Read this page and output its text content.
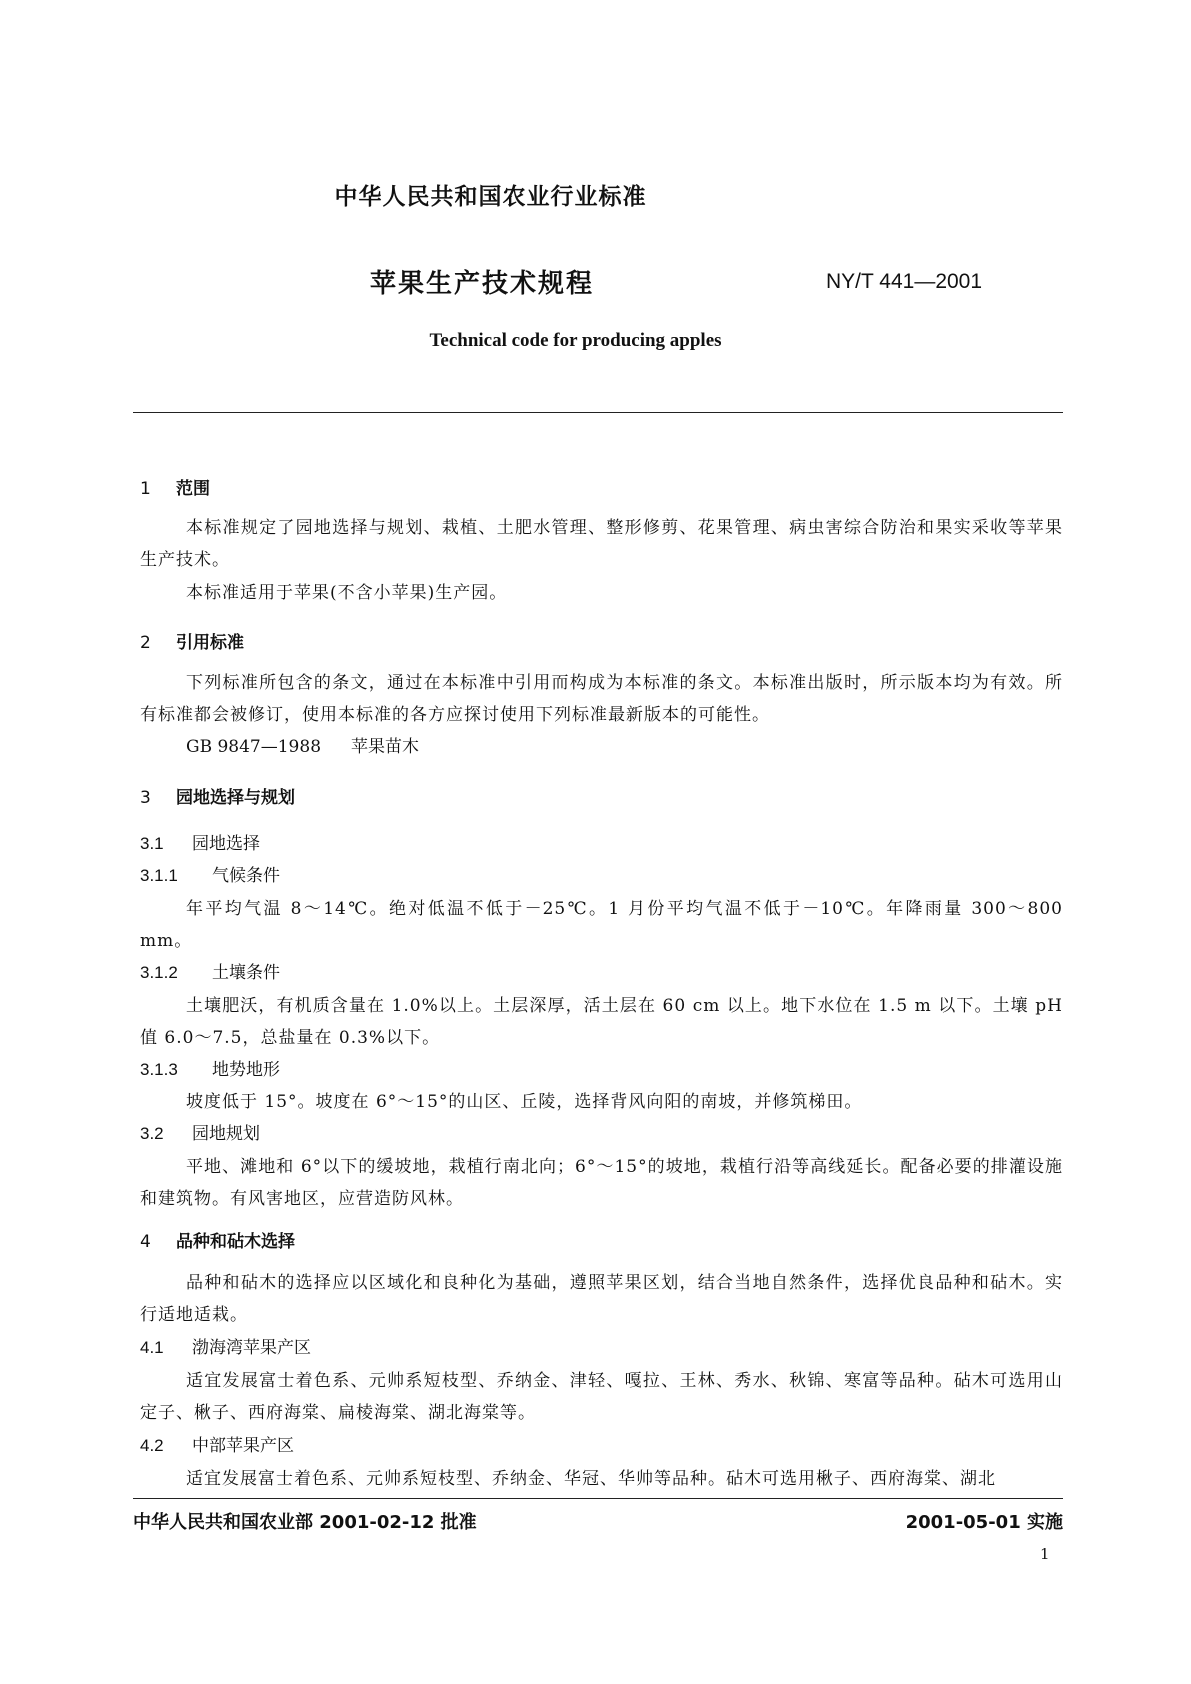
中华人民共和国农业行业标准
苹果生产技术规程	NY/T 441—2001
Technical code for producing apples
1 范围
本标准规定了园地选择与规划、栽植、土肥水管理、整形修剪、花果管理、病虫害综合防治和果实采收等苹果生产技术。
本标准适用于苹果(不含小苹果)生产园。
2 引用标准
下列标准所包含的条文，通过在本标准中引用而构成为本标准的条文。本标准出版时，所示版本均为有效。所有标准都会被修订，使用本标准的各方应探讨使用下列标准最新版本的可能性。
GB 9847—1988 苹果苗木
3 园地选择与规划
3.1 园地选择
3.1.1 气候条件
年平均气温 8～14℃。绝对低温不低于－25℃。1 月份平均气温不低于－10℃。年降雨量 300～800 mm。
3.1.2 土壤条件
土壤肥沃，有机质含量在 1.0%以上。土层深厚，活土层在 60 cm 以上。地下水位在 1.5 m 以下。土壤 pH 值 6.0～7.5，总盐量在 0.3%以下。
3.1.3 地势地形
坡度低于 15°。坡度在 6°～15°的山区、丘陵，选择背风向阳的南坡，并修筑梯田。
3.2 园地规划
平地、滩地和 6°以下的缓坡地，栽植行南北向；6°～15°的坡地，栽植行沿等高线延长。配备必要的排灌设施和建筑物。有风害地区，应营造防风林。
4 品种和砧木选择
品种和砧木的选择应以区域化和良种化为基础，遵照苹果区划，结合当地自然条件，选择优良品种和砧木。实行适地适栽。
4.1 渤海湾苹果产区
适宜发展富士着色系、元帅系短枝型、乔纳金、津轻、嘎拉、王林、秀水、秋锦、寒富等品种。砧木可选用山定子、楸子、西府海棠、扁棱海棠、湖北海棠等。
4.2 中部苹果产区
适宜发展富士着色系、元帅系短枝型、乔纳金、华冠、华帅等品种。砧木可选用楸子、西府海棠、湖北
中华人民共和国农业部 2001-02-12 批准	2001-05-01 实施
1
